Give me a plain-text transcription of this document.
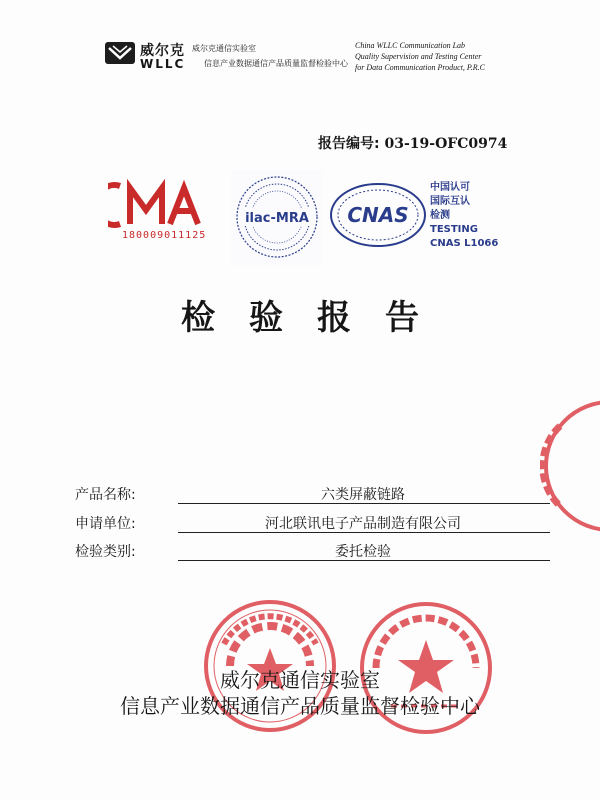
威尔克 威尔克通信实验室
WLLC 信息产业数据通信产品质量监督检验中心
China WLLC Communication Lab
Quality Supervision and Testing Center
for Data Communication Product, P.R.C
报告编号: 03-19-OFC0974
180009011125
ilac-MRA CNAS
中国认可
国际互认
检测
TESTING
CNAS L1066
检验报告
产品名称:	六类屏蔽链路
申请单位:	河北联讯电子产品制造有限公司
检验类别:	委托检验
威尔克通信实验室
信息产业数据通信产品质量监督检验中心
